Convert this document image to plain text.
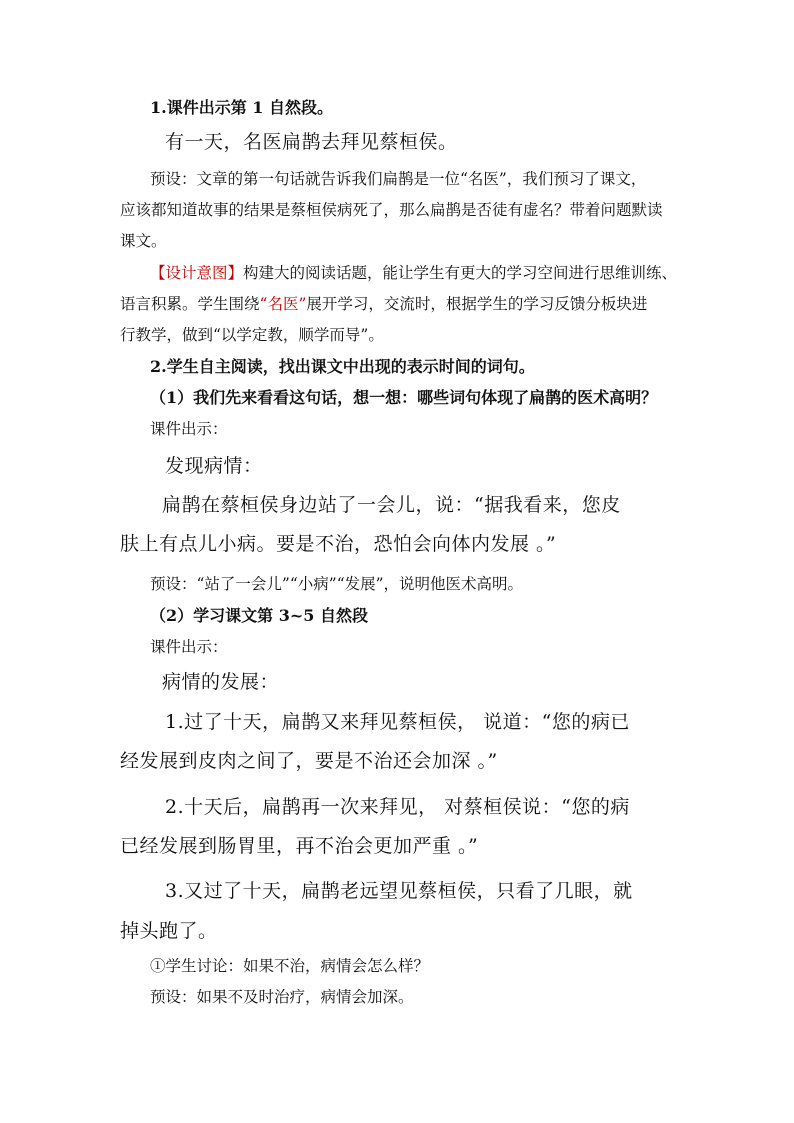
1.课件出示第 1 自然段。
有一天，名医扁鹊去拜见蔡桓侯。
预设：文章的第一句话就告诉我们扁鹊是一位“名医”，我们预习了课文，
应该都知道故事的结果是蔡桓侯病死了，那么扁鹊是否徒有虚名？带着问题默读
课文。
【设计意图】构建大的阅读话题，能让学生有更大的学习空间进行思维训练、
语言积累。学生围绕“名医”展开学习，交流时，根据学生的学习反馈分板块进
行教学，做到“以学定教，顺学而导”。
2.学生自主阅读，找出课文中出现的表示时间的词句。
（1）我们先来看看这句话，想一想：哪些词句体现了扁鹊的医术高明？
课件出示：
发现病情：
扁鹊在蔡桓侯身边站了一会儿，说：“据我看来，您皮
肤上有点儿小病。要是不治，恐怕会向体内发展 。”
预设：“站了一会儿”“小病”“发展”，说明他医术高明。
（2）学习课文第 3~5 自然段
课件出示：
病情的发展：
1.过了十天，扁鹊又来拜见蔡桓侯， 说道：“您的病已
经发展到皮肉之间了，要是不治还会加深 。”
2.十天后，扁鹊再一次来拜见， 对蔡桓侯说：“您的病
已经发展到肠胃里，再不治会更加严重 。”
3.又过了十天，扁鹊老远望见蔡桓侯，只看了几眼，就
掉头跑了。
①学生讨论：如果不治，病情会怎么样？
预设：如果不及时治疗，病情会加深。
